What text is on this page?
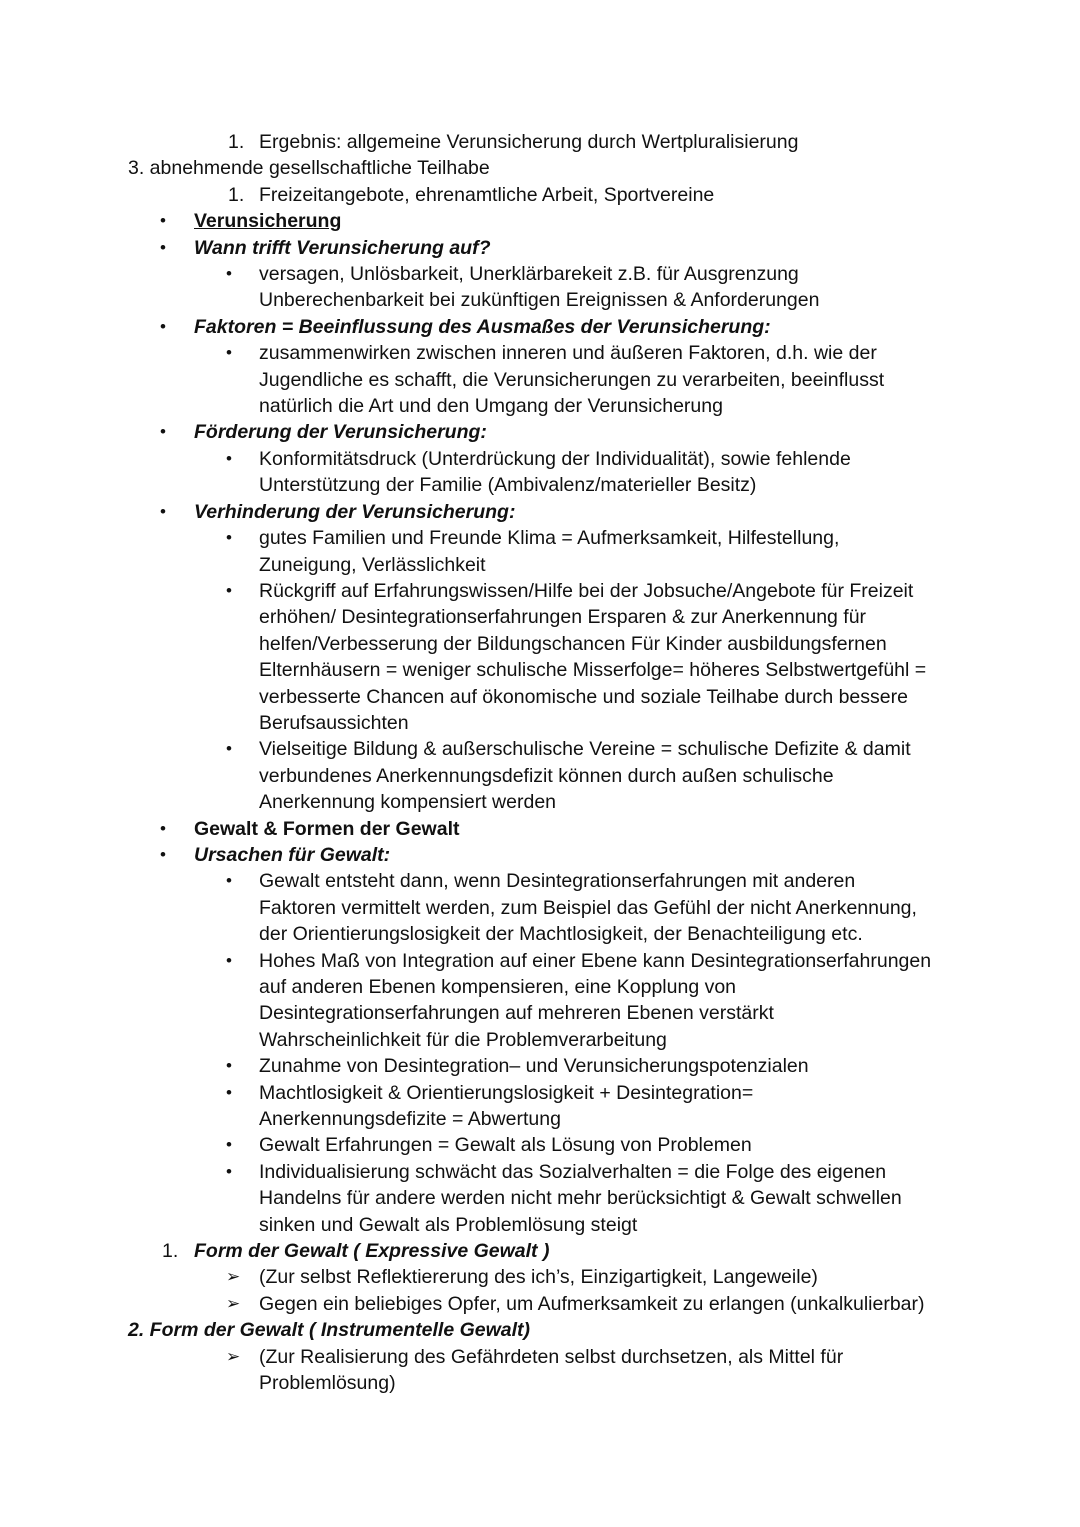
1. Ergebnis: allgemeine Verunsicherung durch Wertpluralisierung

3. abnehmende gesellschaftliche Teilhabe

1. Freizeitangebote, ehrenamtliche Arbeit, Sportvereine

• Verunsicherung

• Wann trifft Verunsicherung auf?

• versagen, Unlösbarkeit, Unerklärbarekeit z.B. für Ausgrenzung

Unberechenbarkeit bei zukünftigen Ereignissen & Anforderungen

• Faktoren = Beeinflussung des Ausmaßes der Verunsicherung:

• zusammenwirken zwischen inneren und äußeren Faktoren, d.h. wie der

Jugendliche es schafft, die Verunsicherungen zu verarbeiten, beeinflusst

natürlich die Art und den Umgang der Verunsicherung

• Förderung der Verunsicherung:

• Konformitätsdruck (Unterdrückung der Individualität), sowie fehlende

Unterstützung der Familie (Ambivalenz/materieller Besitz)

• Verhinderung der Verunsicherung:

• gutes Familien und Freunde Klima = Aufmerksamkeit, Hilfestellung,

Zuneigung, Verlässlichkeit

• Rückgriff auf Erfahrungswissen/Hilfe bei der Jobsuche/Angebote für Freizeit

erhöhen/ Desintegrationserfahrungen Ersparen & zur Anerkennung für

helfen/Verbesserung der Bildungschancen Für Kinder ausbildungsfernen

Elternhäusern = weniger schulische Misserfolge= höheres Selbstwertgefühl =

verbesserte Chancen auf ökonomische und soziale Teilhabe durch bessere

Berufsaussichten

• Vielseitige Bildung & außerschulische Vereine = schulische Defizite & damit

verbundenes Anerkennungsdefizit können durch außen schulische

Anerkennung kompensiert werden

• Gewalt & Formen der Gewalt

• Ursachen für Gewalt:

• Gewalt entsteht dann, wenn Desintegrationserfahrungen mit anderen

Faktoren vermittelt werden, zum Beispiel das Gefühl der nicht Anerkennung,

der Orientierungslosigkeit der Machtlosigkeit, der Benachteiligung etc.

• Hohes Maß von Integration auf einer Ebene kann Desintegrationserfahrungen

auf anderen Ebenen kompensieren, eine Kopplung von

Desintegrationserfahrungen auf mehreren Ebenen verstärkt

Wahrscheinlichkeit für die Problemverarbeitung

• Zunahme von Desintegration– und Verunsicherungspotenzialen

• Machtlosigkeit & Orientierungslosigkeit + Desintegration=

Anerkennungsdefizite = Abwertung

• Gewalt Erfahrungen = Gewalt als Lösung von Problemen

• Individualisierung schwächt das Sozialverhalten = die Folge des eigenen

Handelns für andere werden nicht mehr berücksichtigt & Gewalt schwellen

sinken und Gewalt als Problemlösung steigt

1. Form der Gewalt ( Expressive Gewalt )

➢ (Zur selbst Reflektiererung des ich’s, Einzigartigkeit, Langeweile)

➢ Gegen ein beliebiges Opfer, um Aufmerksamkeit zu erlangen (unkalkulierbar)

2. Form der Gewalt ( Instrumentelle Gewalt)

➢ (Zur Realisierung des Gefährdeten selbst durchsetzen, als Mittel für

Problemlösung)
